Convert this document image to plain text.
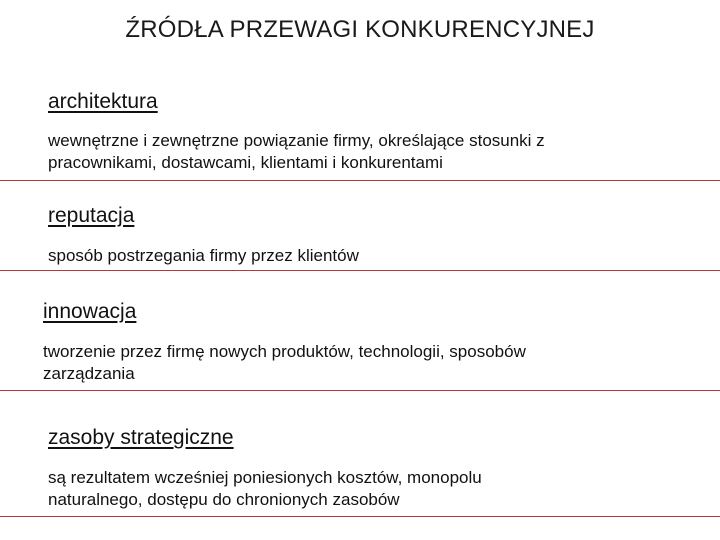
ŹRÓDŁA PRZEWAGI KONKURENCYJNEJ
architektura
wewnętrzne i zewnętrzne powiązanie firmy, określające stosunki z
pracownikami, dostawcami, klientami i konkurentami
reputacja
sposób postrzegania firmy przez klientów
innowacja
tworzenie przez firmę nowych produktów, technologii, sposobów
zarządzania
zasoby strategiczne
są rezultatem wcześniej poniesionych kosztów, monopolu
naturalnego, dostępu do chronionych zasobów
